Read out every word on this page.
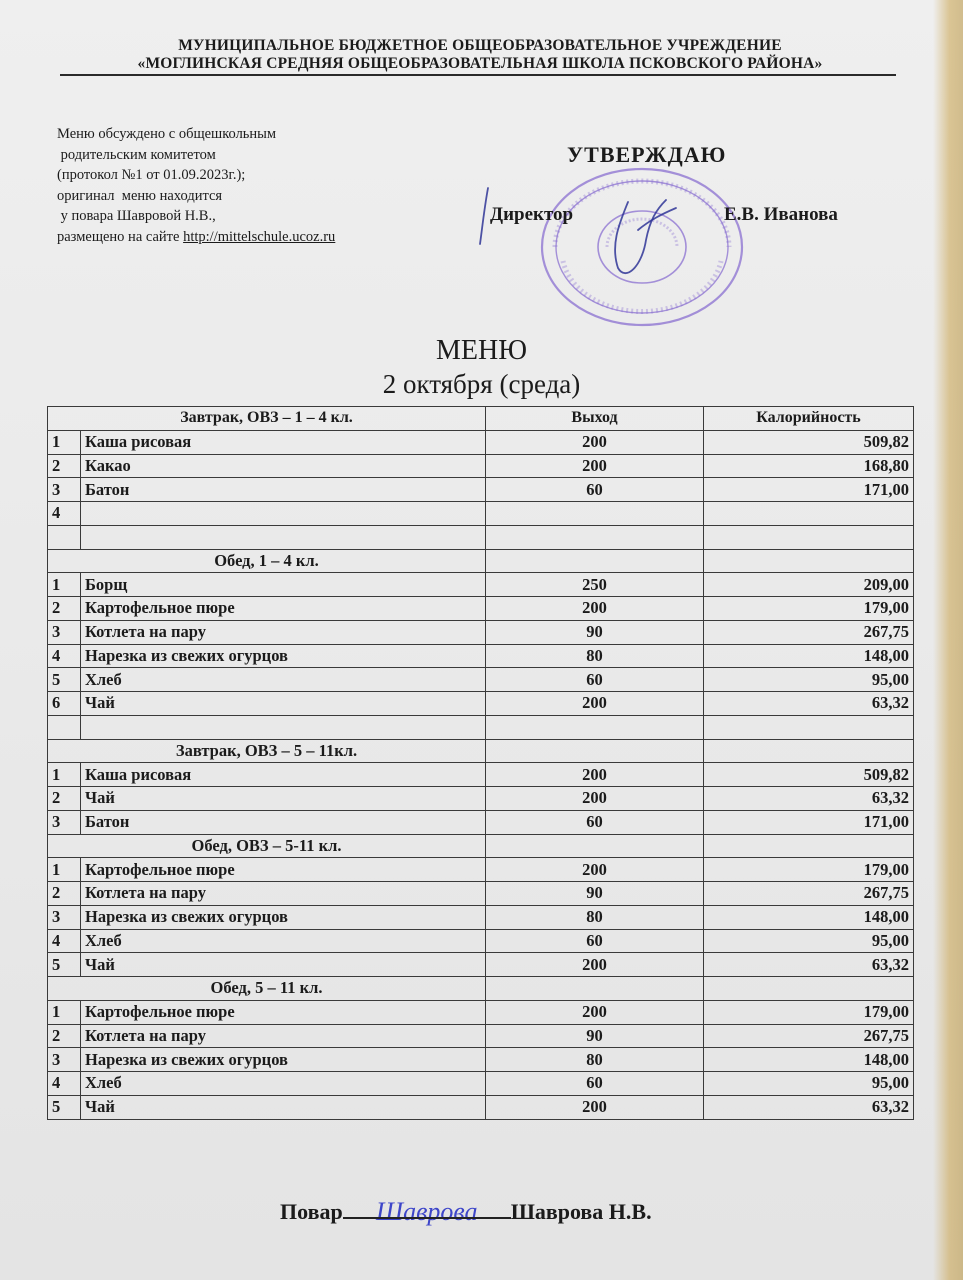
МУНИЦИПАЛЬНОЕ БЮДЖЕТНОЕ ОБЩЕОБРАЗОВАТЕЛЬНОЕ УЧРЕЖДЕНИЕ
«МОГЛИНСКАЯ СРЕДНЯЯ ОБЩЕОБРАЗОВАТЕЛЬНАЯ ШКОЛА ПСКОВСКОГО РАЙОНА»
Меню обсуждено с общешкольным
родительским комитетом
(протокол №1 от 01.09.2023г.);
оригинал  меню находится
у повара Шавровой Н.В.,
размещено на сайте http://mittelschule.ucoz.ru
УТВЕРЖДАЮ
Директор	Е.В. Иванова
МЕНЮ
2 октября (среда)
Завтрак, ОВЗ – 1 – 4 кл.		Выход	Калорийность
1	Каша рисовая	200	509,82
2	Какао	200	168,80
3	Батон	60	171,00
4			

Обед, 1 – 4 кл.			
1	Борщ	250	209,00
2	Картофельное пюре	200	179,00
3	Котлета на пару	90	267,75
4	Нарезка из свежих огурцов	80	148,00
5	Хлеб	60	95,00
6	Чай	200	63,32

Завтрак, ОВЗ – 5 – 11кл.			
1	Каша рисовая	200	509,82
2	Чай	200	63,32
3	Батон	60	171,00
Обед, ОВЗ – 5-11 кл.			
1	Картофельное пюре	200	179,00
2	Котлета на пару	90	267,75
3	Нарезка из свежих огурцов	80	148,00
4	Хлеб	60	95,00
5	Чай	200	63,32
Обед, 5 – 11 кл.			
1	Картофельное пюре	200	179,00
2	Котлета на пару	90	267,75
3	Нарезка из свежих огурцов	80	148,00
4	Хлеб	60	95,00
5	Чай	200	63,32
Шаврова
Повар	Шаврова Н.В.
